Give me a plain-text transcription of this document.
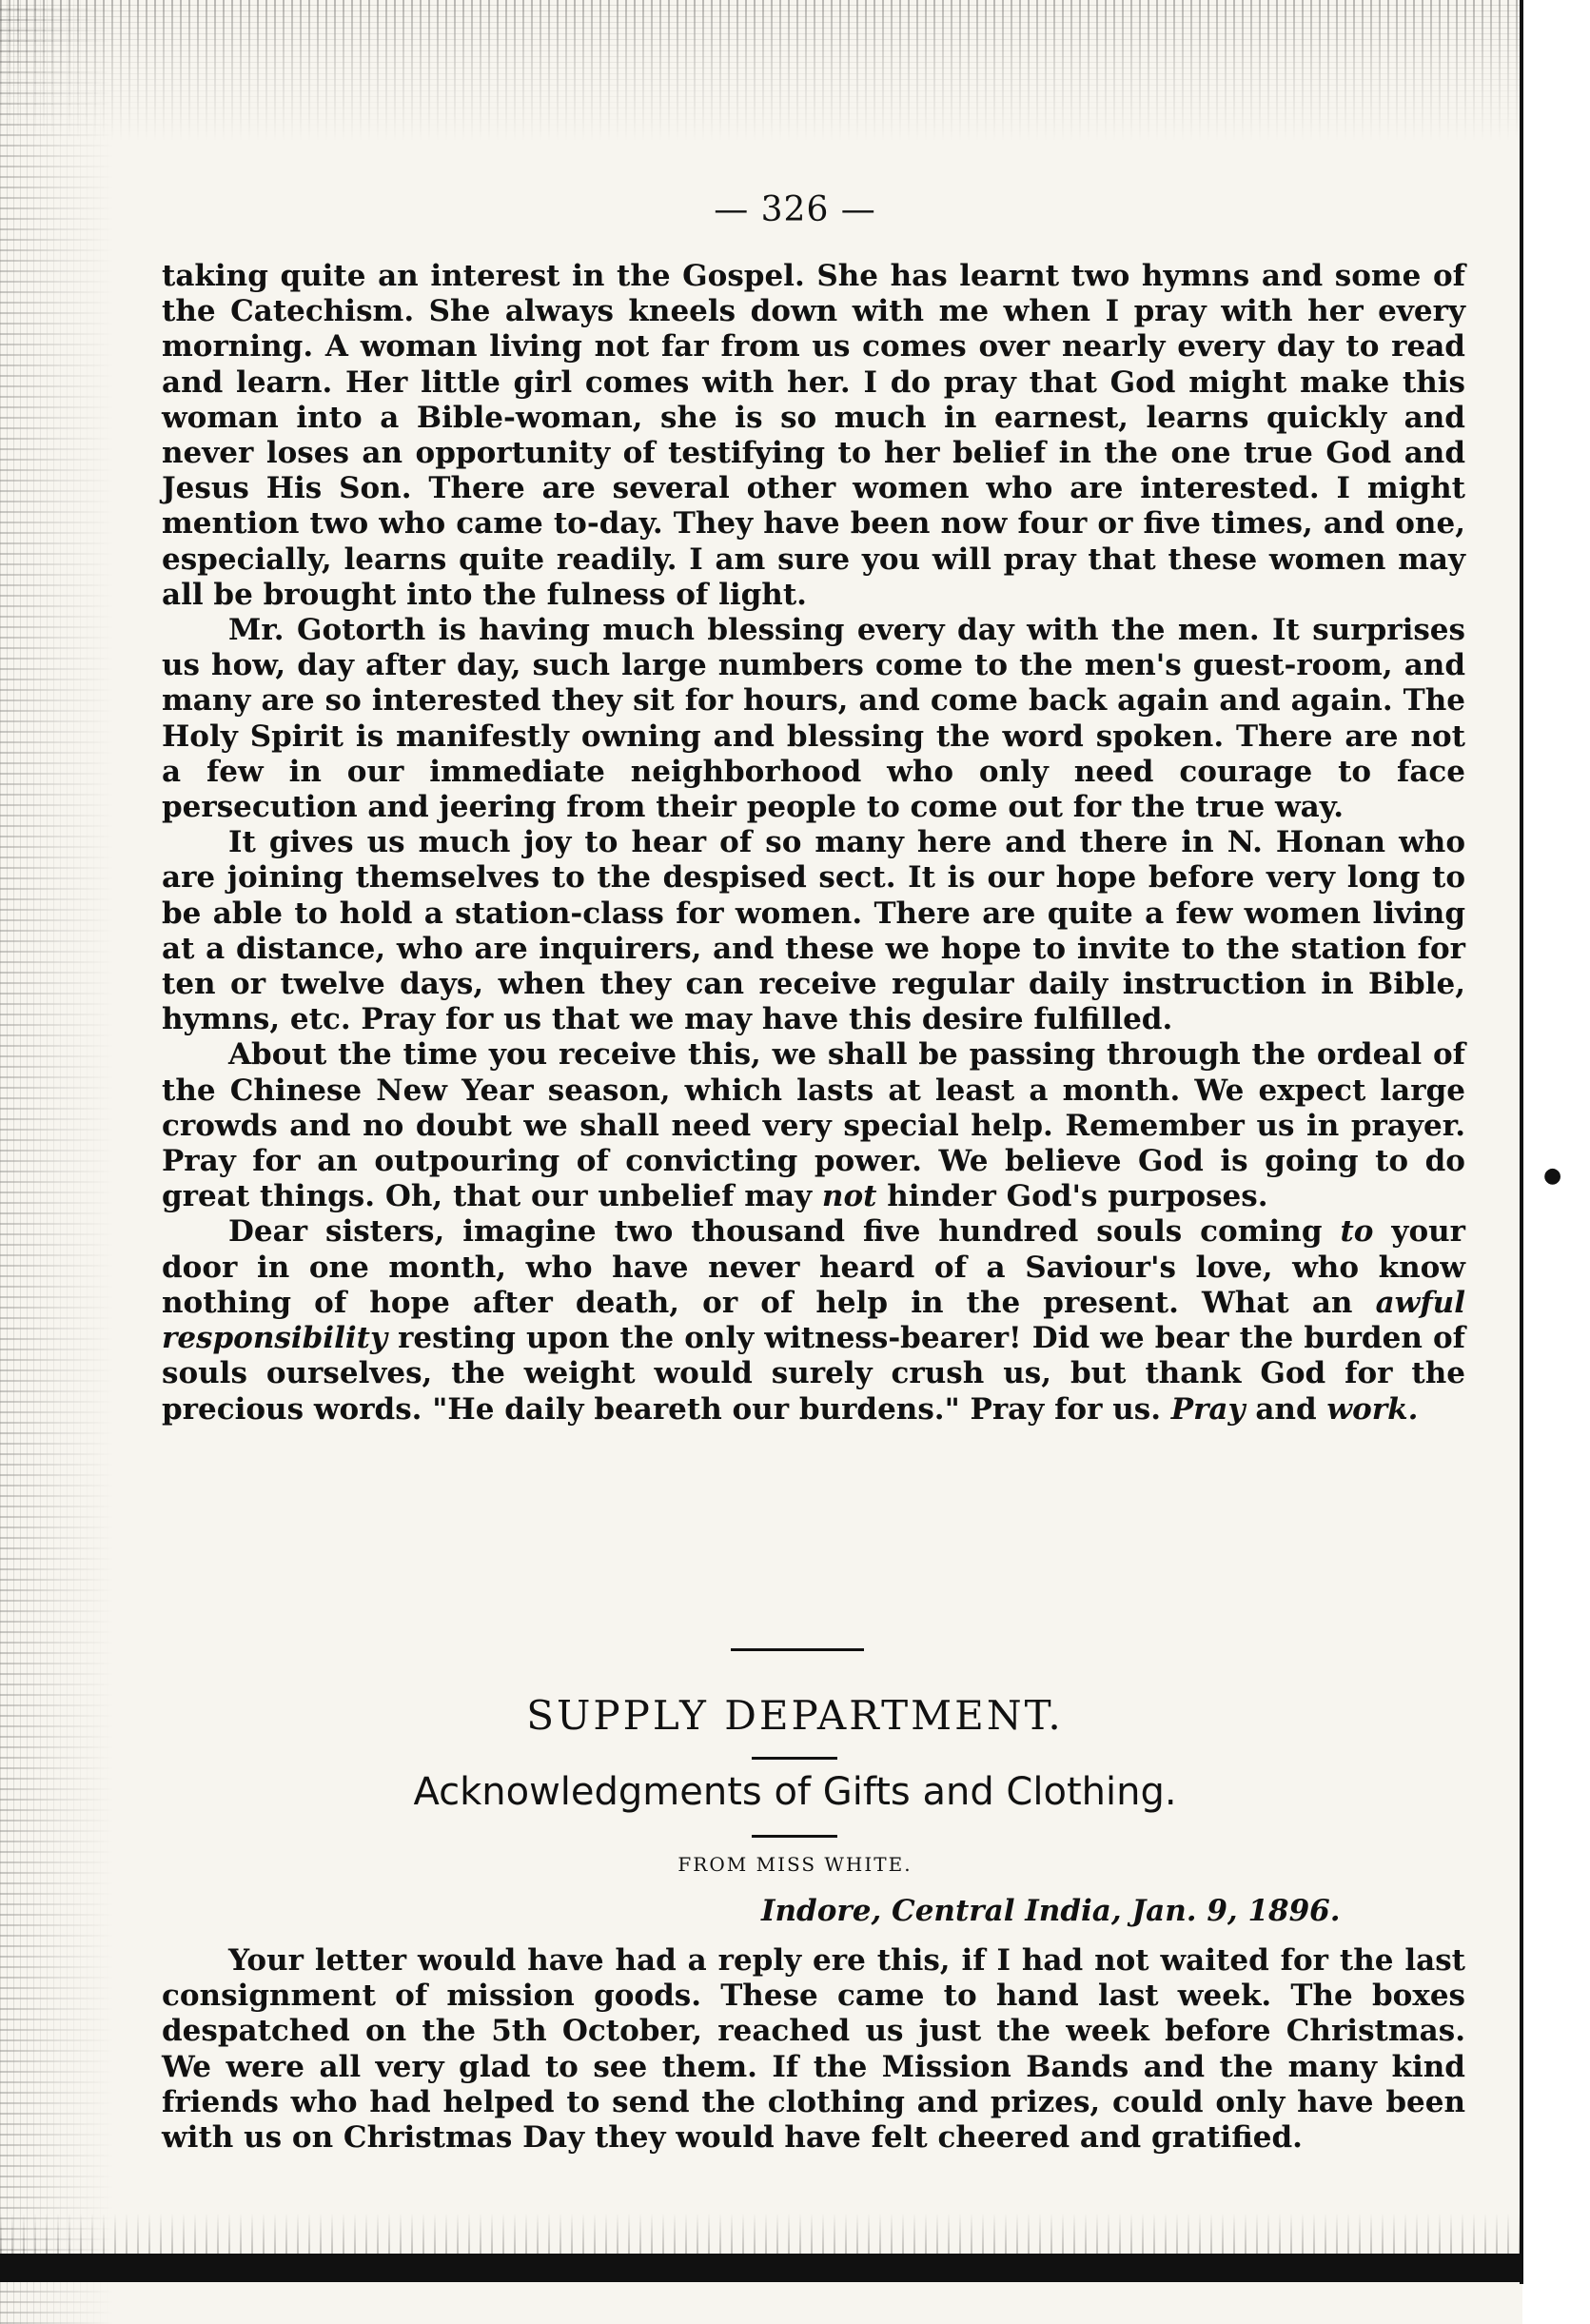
●
— 326 —

taking quite an interest in the Gospel. She has learnt two hymns and some of the Catechism. She always kneels down with me when I pray with her every morning. A woman living not far from us comes over nearly every day to read and learn. Her little girl comes with her. I do pray that God might make this woman into a Bible-woman, she is so much in earnest, learns quickly and never loses an opportunity of testifying to her belief in the one true God and Jesus His Son. There are several other women who are interested. I might mention two who came to-day. They have been now four or five times, and one, especially, learns quite readily. I am sure you will pray that these women may all be brought into the fulness of light.

Mr. Gotorth is having much blessing every day with the men. It surprises us how, day after day, such large numbers come to the men's guest-room, and many are so interested they sit for hours, and come back again and again. The Holy Spirit is manifestly owning and blessing the word spoken. There are not a few in our immediate neighborhood who only need courage to face persecution and jeering from their people to come out for the true way.

It gives us much joy to hear of so many here and there in N. Honan who are joining themselves to the despised sect. It is our hope before very long to be able to hold a station-class for women. There are quite a few women living at a distance, who are inquirers, and these we hope to invite to the station for ten or twelve days, when they can receive regular daily instruction in Bible, hymns, etc. Pray for us that we may have this desire fulfilled.

About the time you receive this, we shall be passing through the ordeal of the Chinese New Year season, which lasts at least a month. We expect large crowds and no doubt we shall need very special help. Remember us in prayer. Pray for an outpouring of convicting power. We believe God is going to do great things. Oh, that our unbelief may not hinder God's purposes.

Dear sisters, imagine two thousand five hundred souls coming to your door in one month, who have never heard of a Saviour's love, who know nothing of hope after death, or of help in the present. What an awful responsibility resting upon the only witness-bearer! Did we bear the burden of souls ourselves, the weight would surely crush us, but thank God for the precious words. "He daily beareth our burdens." Pray for us. Pray and work.

SUPPLY DEPARTMENT.
Acknowledgments of Gifts and Clothing.
FROM MISS WHITE.
Indore, Central India, Jan. 9, 1896.

Your letter would have had a reply ere this, if I had not waited for the last consignment of mission goods. These came to hand last week. The boxes despatched on the 5th October, reached us just the week before Christmas. We were all very glad to see them. If the Mission Bands and the many kind friends who had helped to send the clothing and prizes, could only have been with us on Christmas Day they would have felt cheered and gratified.
